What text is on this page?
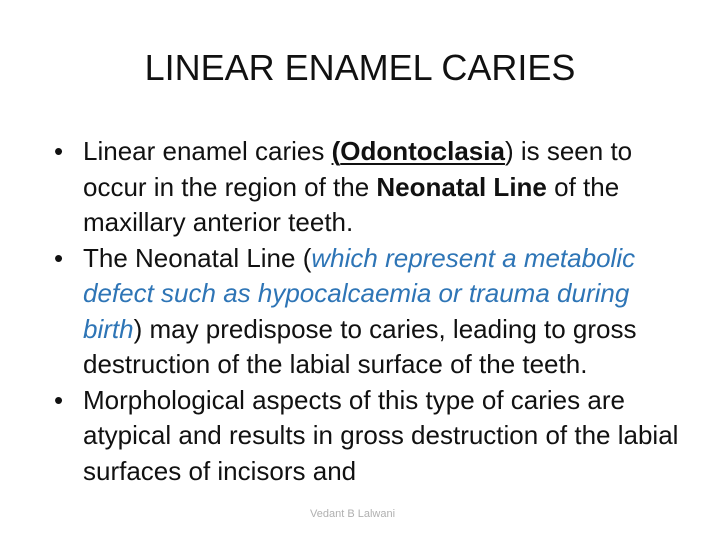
LINEAR ENAMEL CARIES

• Linear enamel caries (Odontoclasia) is seen to occur in the region of the Neonatal Line of the maxillary anterior teeth.

• The Neonatal Line (which represent a metabolic defect such as hypocalcaemia or trauma during birth) may predispose to caries, leading to gross destruction of the labial surface of the teeth.

• Morphological aspects of this type of caries are atypical and results in gross destruction of the labial surfaces of incisors and

Vedant B Lalwani
